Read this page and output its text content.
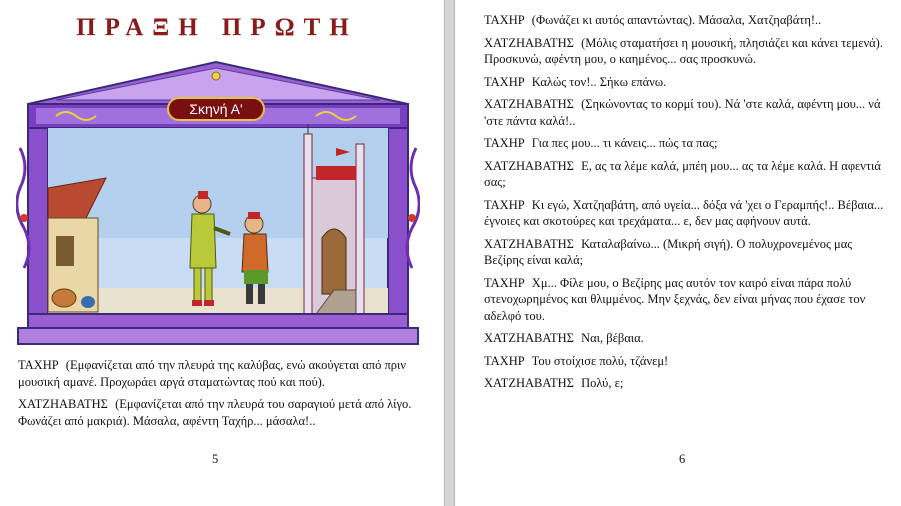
ΠΡΑΞΗ ΠΡΩΤΗ
Σκηνή Α'

ΤΑΧΗΡ (Εμφανίζεται από την πλευρά της καλύβας, ενώ ακούγεται από πριν μουσική αμανέ. Προχωράει αργά σταματώντας πού και πού).

ΧΑΤΖΗΑΒΑΤΗΣ (Εμφανίζεται από την πλευρά του σαραγιού μετά από λίγο. Φωνάζει από μακριά). Μάσαλα, αφέντη Ταχήρ... μάσαλα!..

5

ΤΑΧΗΡ (Φωνάζει κι αυτός απαντώντας). Μάσαλα, Χατζηαβάτη!..

ΧΑΤΖΗΑΒΑΤΗΣ (Μόλις σταματήσει η μουσική, πλησιάζει και κάνει τεμενά). Προσκυνώ, αφέντη μου, ο καημένος... σας προσκυνώ.

ΤΑΧΗΡ Καλώς τον!.. Σήκω επάνω.

ΧΑΤΖΗΑΒΑΤΗΣ (Σηκώνοντας το κορμί του). Νά 'στε καλά, αφέντη μου... νά 'στε πάντα καλά!..

ΤΑΧΗΡ Για πες μου... τι κάνεις... πώς τα πας;

ΧΑΤΖΗΑΒΑΤΗΣ Ε, ας τα λέμε καλά, μπέη μου... ας τα λέμε καλά. Η αφεντιά σας;

ΤΑΧΗΡ Κι εγώ, Χατζηαβάτη, από υγεία... δόξα νά 'χει ο Γεραμπής!.. Βέβαια... έγνοιες και σκοτούρες και τρεχάματα... ε, δεν μας αφήνουν αυτά.

ΧΑΤΖΗΑΒΑΤΗΣ Καταλαβαίνω... (Μικρή σιγή). Ο πολυχρονεμένος μας Βεζίρης είναι καλά;

ΤΑΧΗΡ Χμ... Φίλε μου, ο Βεζίρης μας αυτόν τον καιρό είναι πάρα πολύ στενοχωρημένος και θλιμμένος. Μην ξεχνάς, δεν είναι μήνας που έχασε τον αδελφό του.

ΧΑΤΖΗΑΒΑΤΗΣ Ναι, βέβαια.

ΤΑΧΗΡ Του στοίχισε πολύ, τζάνεμ!

ΧΑΤΖΗΑΒΑΤΗΣ Πολύ, ε;

6
